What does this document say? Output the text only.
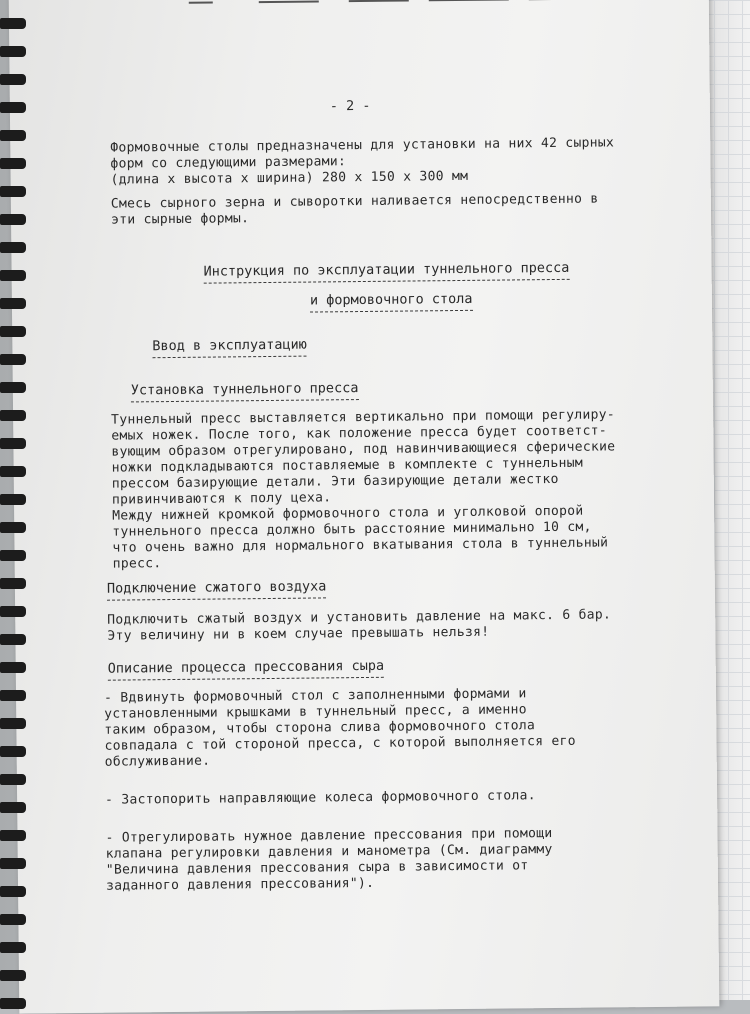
- 2 -
Формовочные столы предназначены для установки на них 42 сырных
форм со следующими размерами:
(длина х высота х ширина) 280 х 150 х 300 мм
Смесь сырного зерна и сыворотки наливается непосредственно в
эти сырные формы.
Инструкция по эксплуатации туннельного пресса
и формовочного стола
Ввод в эксплуатацию
Установка туннельного пресса
Туннельный пресс выставляется вертикально при помощи регулиру-
емых ножек. После того, как положение пресса будет соответст-
вующим образом отрегулировано, под навинчивающиеся сферические
ножки подкладываются поставляемые в комплекте с туннельным
прессом базирующие детали. Эти базирующие детали жестко
привинчиваются к полу цеха.
Между нижней кромкой формовочного стола и уголковой опорой
туннельного пресса должно быть расстояние минимально 10 см,
что очень важно для нормального вкатывания стола в туннельный
пресс.
Подключение сжатого воздуха
Подключить сжатый воздух и установить давление на макс. 6 бар.
Эту величину ни в коем случае превышать нельзя!
Описание процесса прессования сыра
- Вдвинуть формовочный стол с заполненными формами и
установленными крышками в туннельный пресс, а именно
таким образом, чтобы сторона слива формовочного стола
совпадала с той стороной пресса, с которой выполняется его
обслуживание.
- Застопорить направляющие колеса формовочного стола.
- Отрегулировать нужное давление прессования при помощи
клапана регулировки давления и манометра (См. диаграмму
"Величина давления прессования сыра в зависимости от
заданного давления прессования").
